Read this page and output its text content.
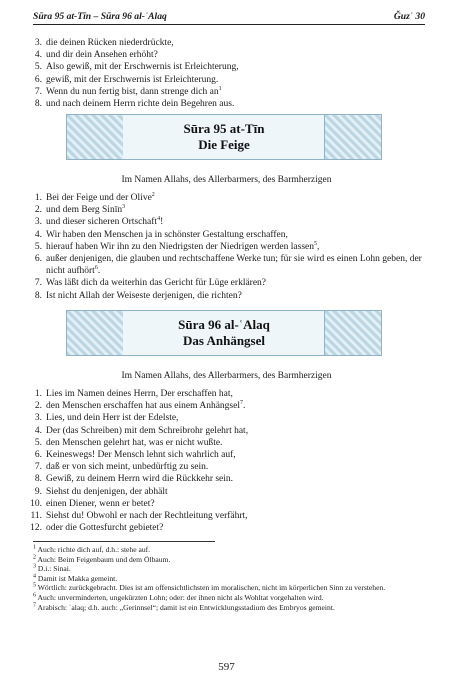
Sūra 95 at-Tīn – Sūra 96 al-ʿAlaq	Ǧuzʾ 30
3. die deinen Rücken niederdrückte,
4. und dir dein Ansehen erhöht?
5. Also gewiß, mit der Erschwernis ist Erleichterung,
6. gewiß, mit der Erschwernis ist Erleichterung.
7. Wenn du nun fertig bist, dann strenge dich $an^1$
8. und nach deinem Herrn richte dein Begehren aus.
Sūra 95 at-Tīn
Die Feige
Im Namen Allahs, des Allerbarmers, des Barmherzigen
1. Bei der Feige und der Olive$^2$
2. und dem Berg Sinīn$^3$
3. und dieser sicheren Ortschaft$^4$!
4. Wir haben den Menschen ja in schönster Gestaltung erschaffen,
5. hierauf haben Wir ihn zu den Niedrigsten der Niedrigen werden lassen$^5$,
6. außer denjenigen, die glauben und rechtschaffene Werke tun; für sie wird es einen Lohn geben, der nicht aufhört$^6$.
7. Was läßt dich da weiterhin das Gericht für Lüge erklären?
8. Ist nicht Allah der Weiseste derjenigen, die richten?
Sūra 96 al-ʿAlaq
Das Anhängsel
Im Namen Allahs, des Allerbarmers, des Barmherzigen
1. Lies im Namen deines Herrn, Der erschaffen hat,
2. den Menschen erschaffen hat aus einem Anhängsel$^7$.
3. Lies, und dein Herr ist der Edelste,
4. Der (das Schreiben) mit dem Schreibrohr gelehrt hat,
5. den Menschen gelehrt hat, was er nicht wußte.
6. Keineswegs! Der Mensch lehnt sich wahrlich auf,
7. daß er von sich meint, unbedürftig zu sein.
8. Gewiß, zu deinem Herrn wird die Rückkehr sein.
9. Siehst du denjenigen, der abhält
10. einen Diener, wenn er betet?
11. Siehst du! Obwohl er nach der Rechtleitung verfährt,
12. oder die Gottesfurcht gebietet?
$^1$ Auch: richte dich auf, d.h.: stehe auf.
$^2$ Auch: Beim Feigenbaum und dem Ölbaum.
$^3$ D.i.: Sinai.
$^4$ Damit ist Makka gemeint.
$^5$ Wörtlich: zurückgebracht. Dies ist am offensichtlichsten im moralischen, nicht im körperlichen Sinn zu verstehen.
$^6$ Auch: unverminderten, ungekürzten Lohn; oder: der ihnen nicht als Wohltat vorgehalten wird.
$^7$ Arabisch: ʿalaq; d.h. auch: „Gerinnsel“; damit ist ein Entwicklungsstadium des Embryos gemeint.
597
